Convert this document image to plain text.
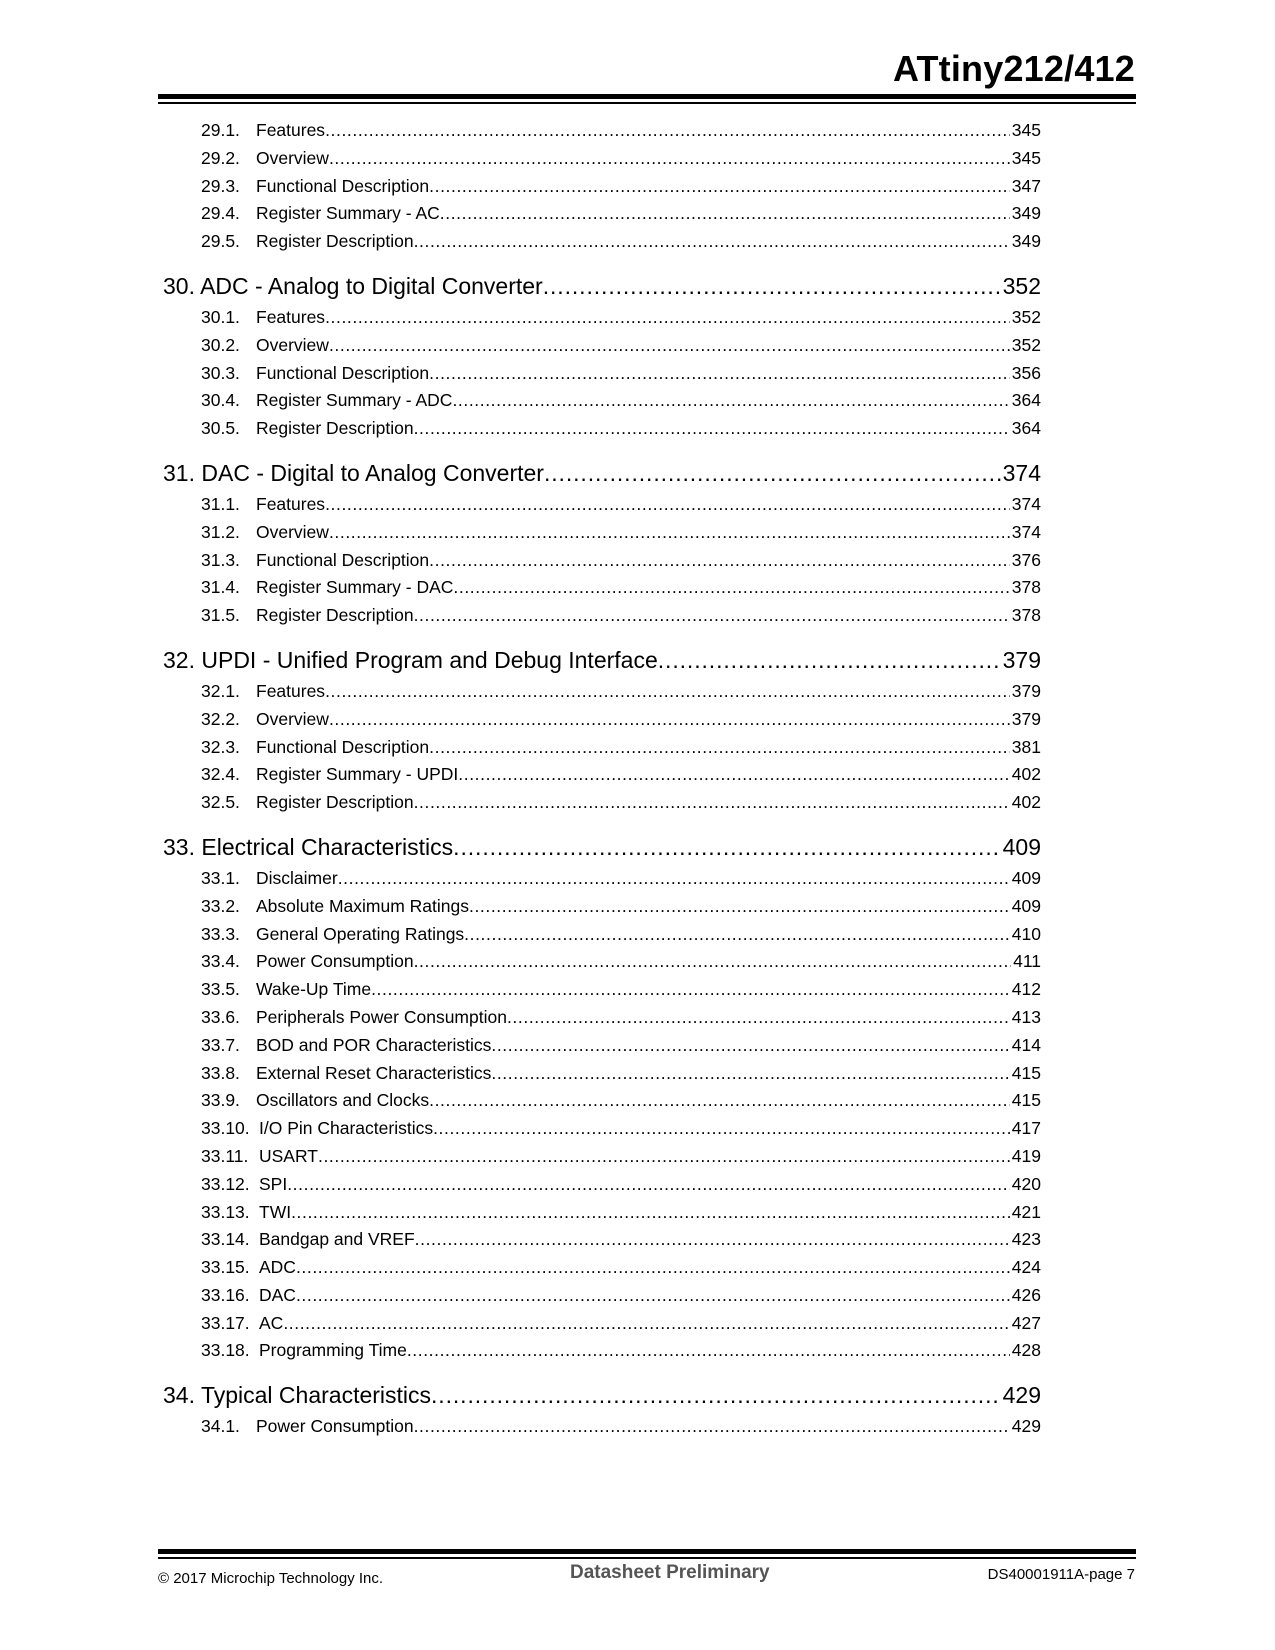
ATtiny212/412
29.1. Features .....	345
29.2. Overview .....	345
29.3. Functional Description .....	347
29.4. Register Summary - AC .....	349
29.5. Register Description .....	349
30. ADC - Analog to Digital Converter .....	352
30.1. Features .....	352
30.2. Overview .....	352
30.3. Functional Description .....	356
30.4. Register Summary - ADC .....	364
30.5. Register Description .....	364
31. DAC - Digital to Analog Converter .....	374
31.1. Features .....	374
31.2. Overview .....	374
31.3. Functional Description .....	376
31.4. Register Summary - DAC .....	378
31.5. Register Description .....	378
32. UPDI - Unified Program and Debug Interface .....	379
32.1. Features .....	379
32.2. Overview .....	379
32.3. Functional Description .....	381
32.4. Register Summary - UPDI .....	402
32.5. Register Description .....	402
33. Electrical Characteristics .....	409
33.1. Disclaimer .....	409
33.2. Absolute Maximum Ratings .....	409
33.3. General Operating Ratings .....	410
33.4. Power Consumption .....	411
33.5. Wake-Up Time .....	412
33.6. Peripherals Power Consumption .....	413
33.7. BOD and POR Characteristics .....	414
33.8. External Reset Characteristics .....	415
33.9. Oscillators and Clocks .....	415
33.10. I/O Pin Characteristics .....	417
33.11. USART .....	419
33.12. SPI .....	420
33.13. TWI .....	421
33.14. Bandgap and VREF .....	423
33.15. ADC .....	424
33.16. DAC .....	426
33.17. AC .....	427
33.18. Programming Time .....	428
34. Typical Characteristics .....	429
34.1. Power Consumption .....	429
© 2017 Microchip Technology Inc.	Datasheet Preliminary	DS40001911A-page 7
